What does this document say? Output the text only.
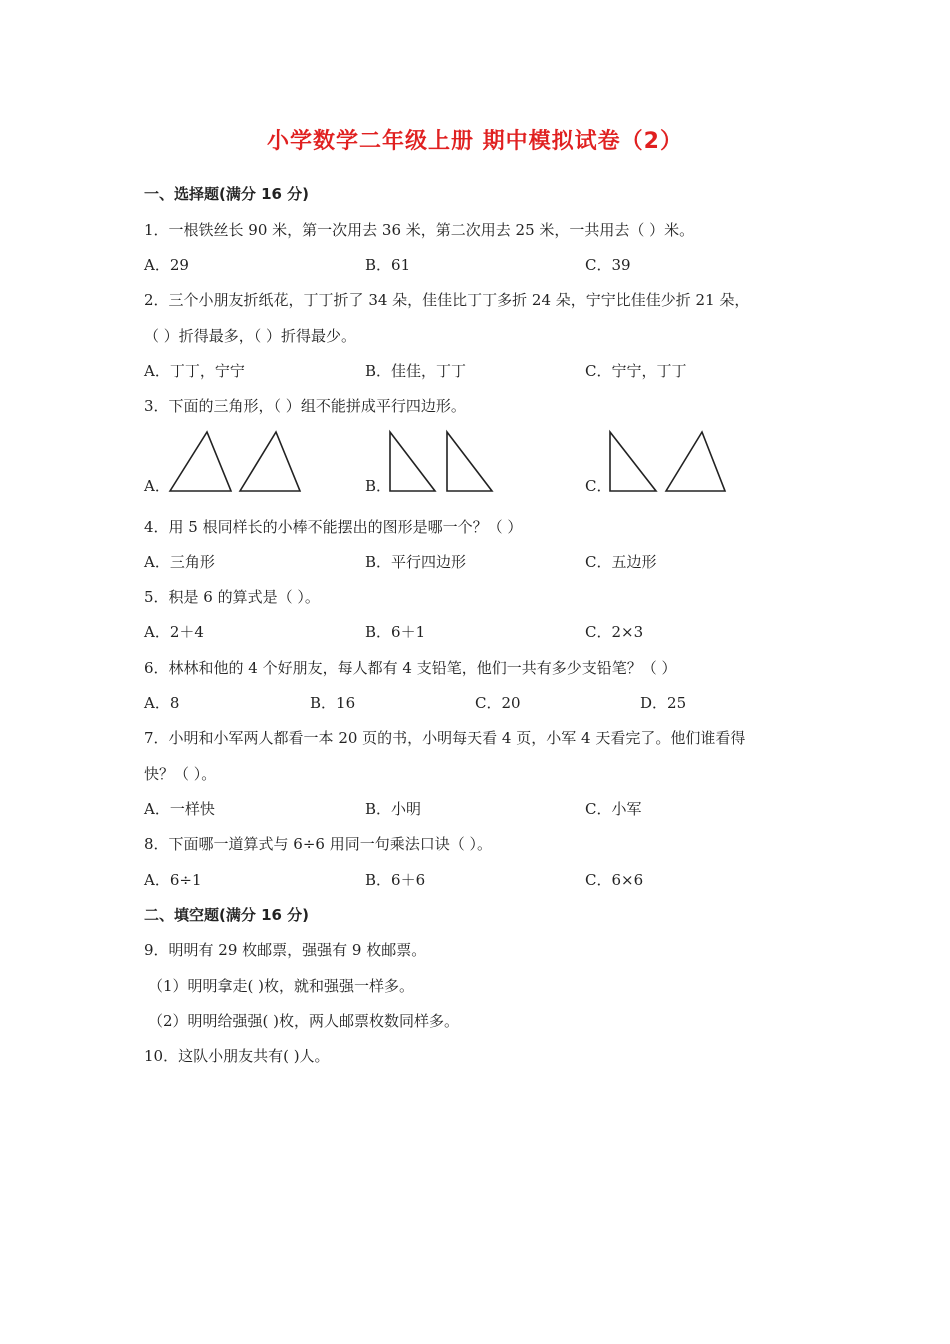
小学数学二年级上册 期中模拟试卷（2）
一、选择题(满分 16 分)
1．一根铁丝长 90 米，第一次用去 36 米，第二次用去 25 米，一共用去（ ）米。
A．29	B．61	C．39
2．三个小朋友折纸花，丁丁折了 34 朵，佳佳比丁丁多折 24 朵，宁宁比佳佳少折 21 朵，
（ ）折得最多，（ ）折得最少。
A．丁丁，宁宁	B．佳佳，丁丁	C．宁宁，丁丁
3．下面的三角形，（ ）组不能拼成平行四边形。
A．	B．	C．
4．用 5 根同样长的小棒不能摆出的图形是哪一个？（ ）
A．三角形	B．平行四边形	C．五边形
5．积是 6 的算式是（ ）。
A．2＋4	B．6＋1	C．2×3
6．林林和他的 4 个好朋友，每人都有 4 支铅笔，他们一共有多少支铅笔？（ ）
A．8	B．16	C．20	D．25
7．小明和小军两人都看一本 20 页的书，小明每天看 4 页，小军 4 天看完了。他们谁看得
快？（ ）。
A．一样快	B．小明	C．小军
8．下面哪一道算式与 6÷6 用同一句乘法口诀（ ）。
A．6÷1	B．6＋6	C．6×6
二、填空题(满分 16 分)
9．明明有 29 枚邮票，强强有 9 枚邮票。
（1）明明拿走( )枚，就和强强一样多。
（2）明明给强强( )枚，两人邮票枚数同样多。
10．这队小朋友共有( )人。
